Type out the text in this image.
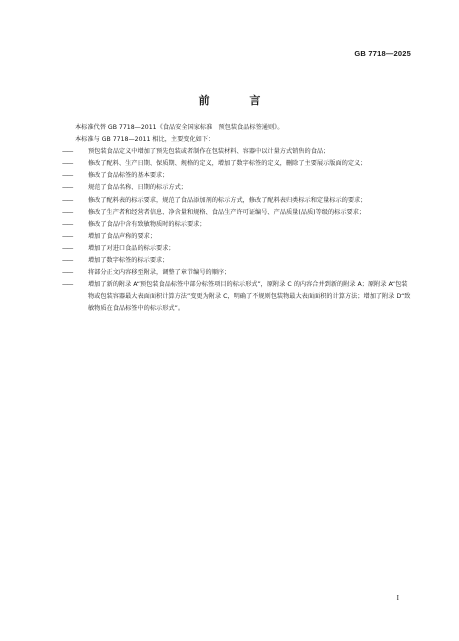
GB 7718—2025
前 言

本标准代替 GB 7718—2011《食品安全国家标准　预包装食品标签通则》。

本标准与 GB 7718—2011 相比，主要变化如下：

——	预包装食品定义中增加了预先包装或者制作在包装材料、容器中以计量方式销售的食品；
——	修改了配料、生产日期、保质期、规格的定义，增加了数字标签的定义，删除了主要展示版面的定义；
——	修改了食品标签的基本要求；
——	规范了食品名称、日期的标示方式；
——	修改了配料表的标示要求，规范了食品添加剂的标示方式，修改了配料表归类标示和定量标示的要求；
——	修改了生产者和经营者信息、净含量和规格、食品生产许可证编号、产品质量(品质)等级的标示要求；
——	修改了食品中含有致敏物质时的标示要求；
——	增加了食品声称的要求；
——	增加了对进口食品的标示要求；
——	增加了数字标签的标示要求；
——	将部分正文内容移至附录，调整了章节编号的顺序；
——	增加了新的附录 A“预包装食品标签中部分标签项目的标示形式”，原附录 C 的内容合并到新的附录 A；原附录 A“包装物或包装容器最大表面面积计算方法”变更为附录 C，明确了不规则包装物最大表面面积的计算方法；增加了附录 D“致敏物质在食品标签中的标示形式”。
I
